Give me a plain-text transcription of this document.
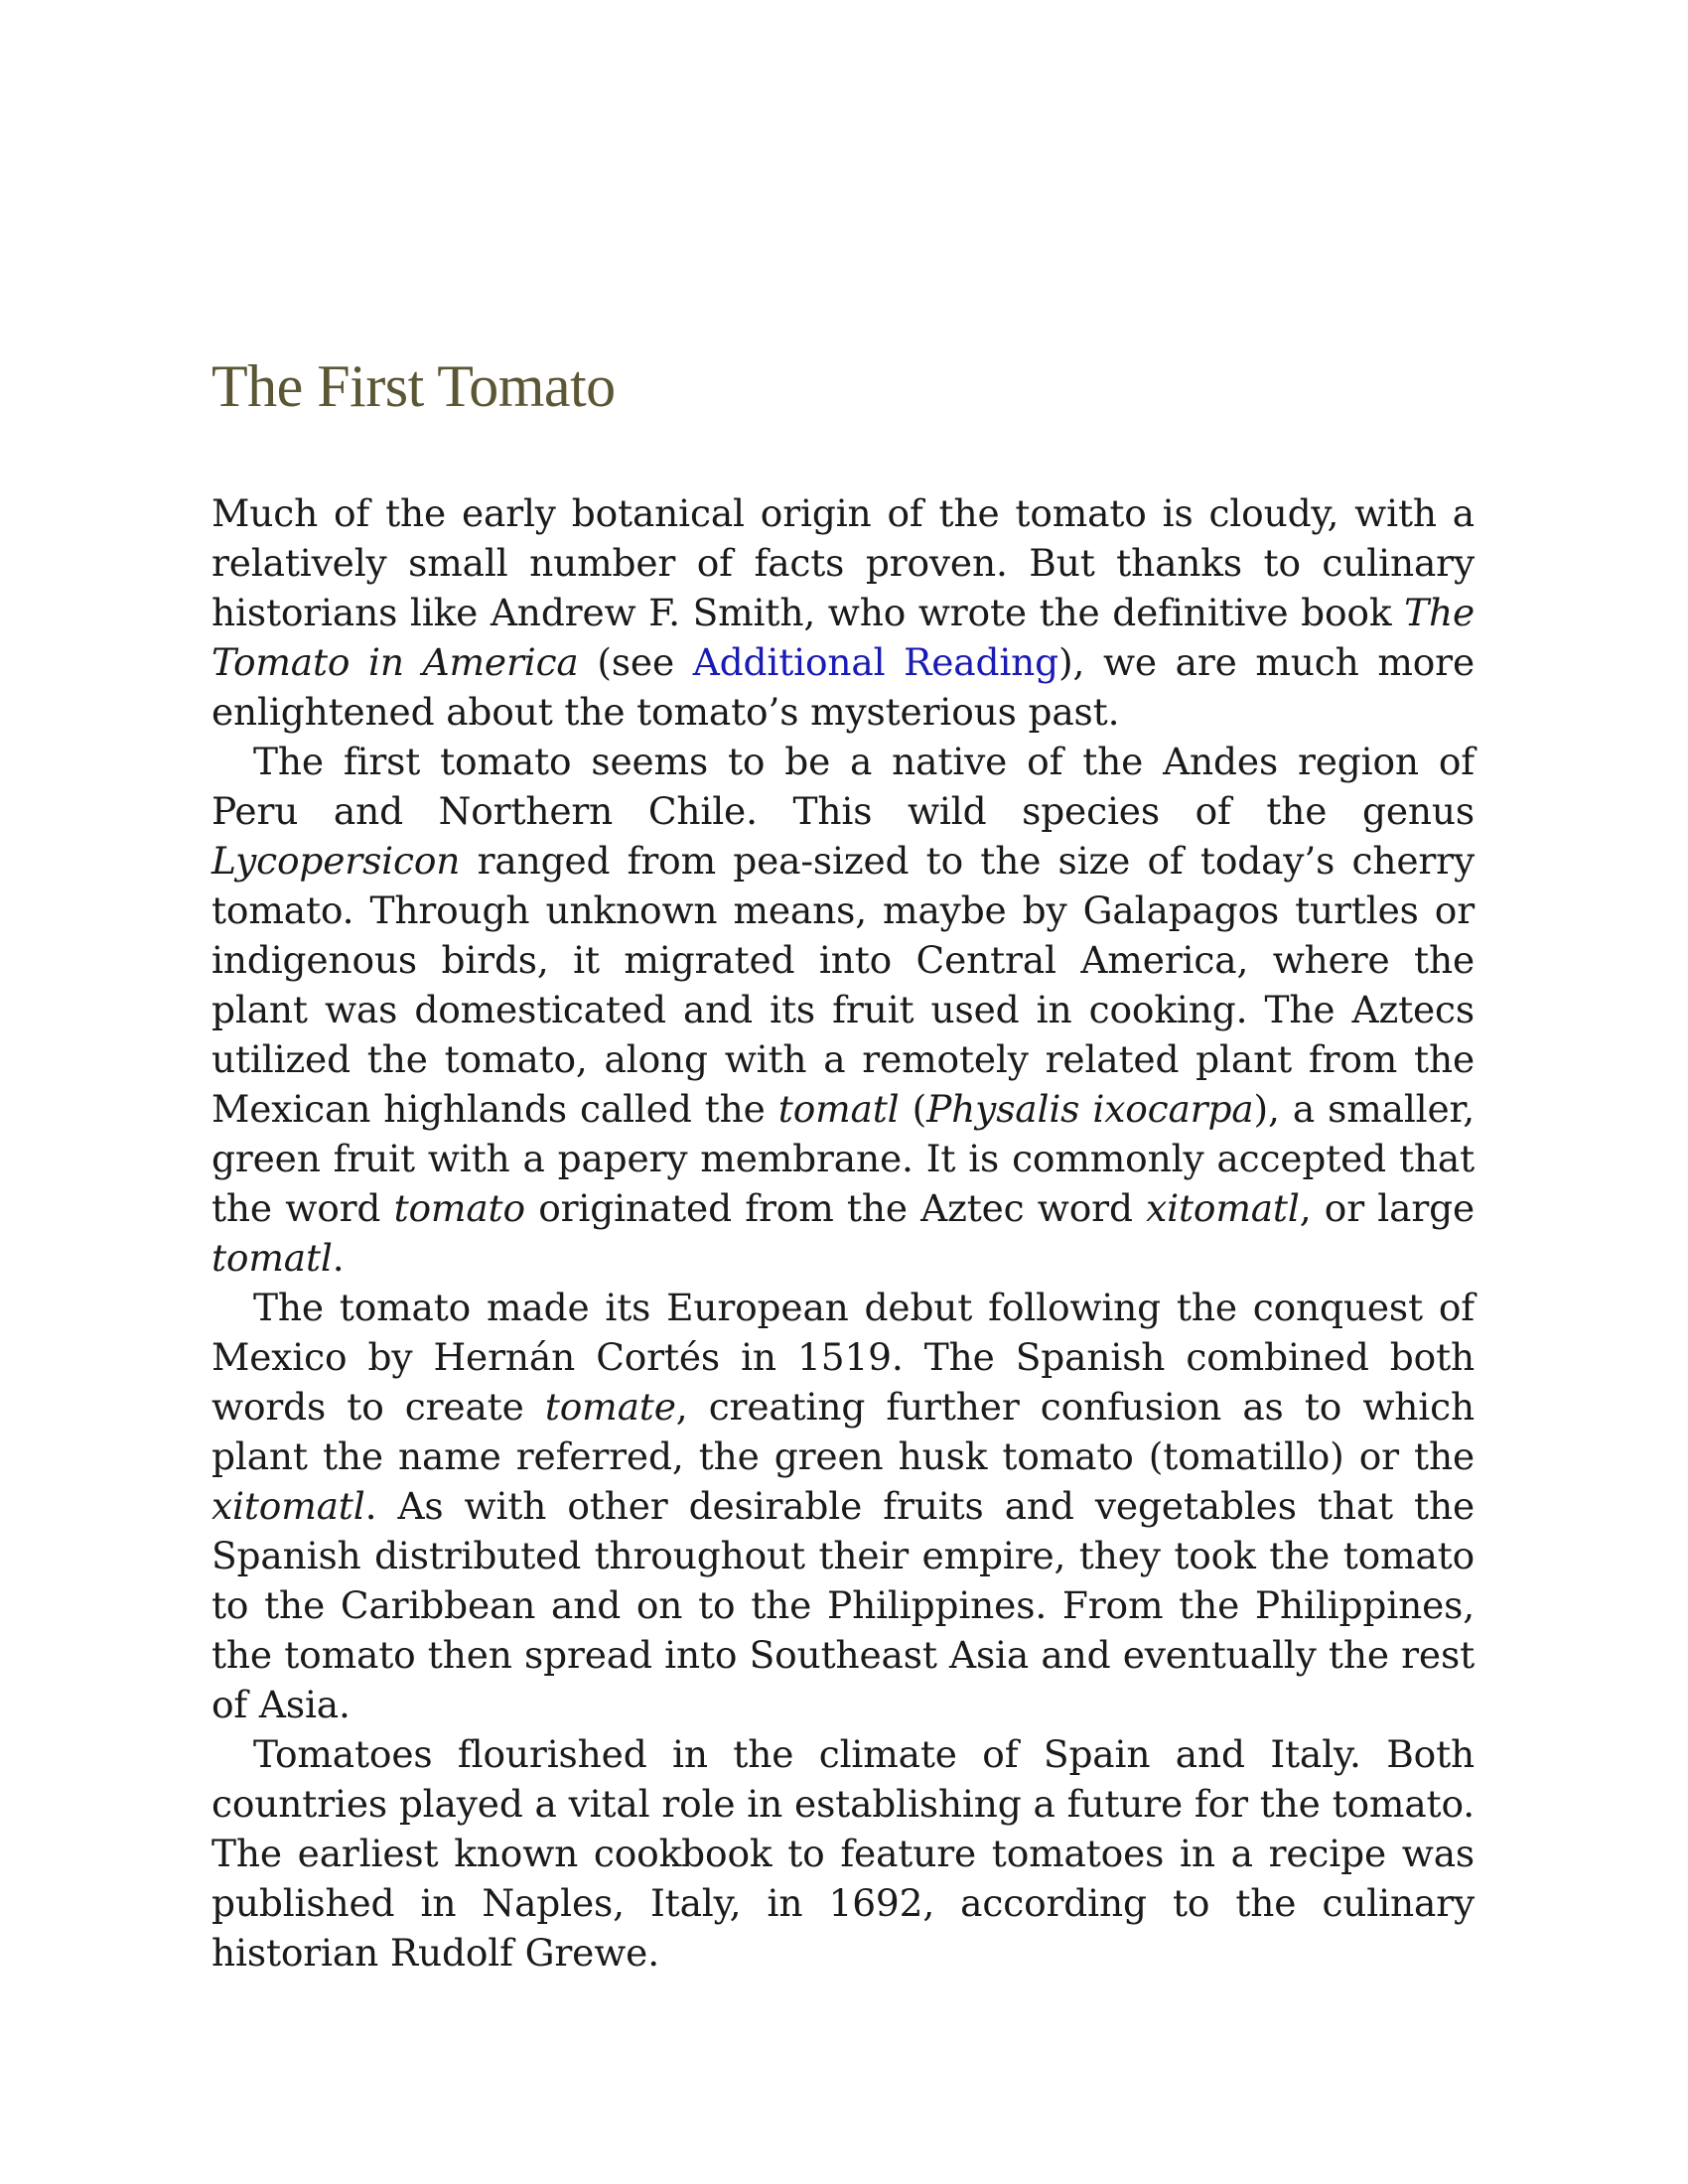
The First Tomato

Much of the early botanical origin of the tomato is cloudy, with a relatively small number of facts proven. But thanks to culinary historians like Andrew F. Smith, who wrote the definitive book The Tomato in America (see Additional Reading), we are much more enlightened about the tomato’s mysterious past.

The first tomato seems to be a native of the Andes region of Peru and Northern Chile. This wild species of the genus Lycopersicon ranged from pea-sized to the size of today’s cherry tomato. Through unknown means, maybe by Galapagos turtles or indigenous birds, it migrated into Central America, where the plant was domesticated and its fruit used in cooking. The Aztecs utilized the tomato, along with a remotely related plant from the Mexican highlands called the tomatl (Physalis ixocarpa), a smaller, green fruit with a papery membrane. It is commonly accepted that the word tomato originated from the Aztec word xitomatl, or large tomatl.

The tomato made its European debut following the conquest of Mexico by Hernán Cortés in 1519. The Spanish combined both words to create tomate, creating further confusion as to which plant the name referred, the green husk tomato (tomatillo) or the xitomatl. As with other desirable fruits and vegetables that the Spanish distributed throughout their empire, they took the tomato to the Caribbean and on to the Philippines. From the Philippines, the tomato then spread into Southeast Asia and eventually the rest of Asia.

Tomatoes flourished in the climate of Spain and Italy. Both countries played a vital role in establishing a future for the tomato. The earliest known cookbook to feature tomatoes in a recipe was published in Naples, Italy, in 1692, according to the culinary historian Rudolf Grewe.
